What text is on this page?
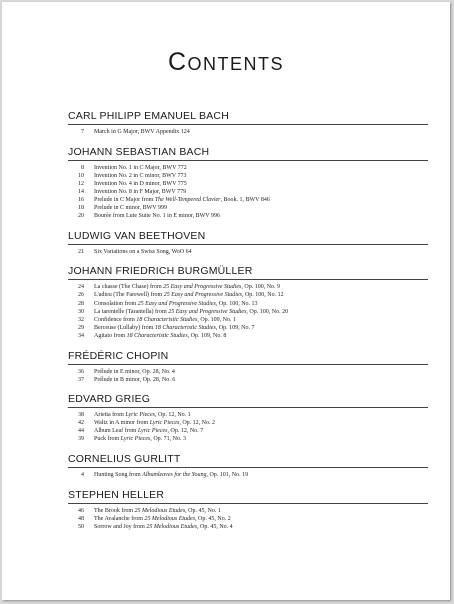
Contents
CARL PHILIPP EMANUEL BACH
7 March in G Major, BWV Appendix 124
JOHANN SEBASTIAN BACH
8 Invention No. 1 in C Major, BWV 772
10 Invention No. 2 in C minor, BWV 773
12 Invention No. 4 in D minor, BWV 775
14 Invention No. 8 in F Major, BWV 779
16 Prelude in C Major from The Well-Tempered Clavier, Book. 1, BWV 846
18 Prelude in C minor, BWV 999
20 Bourée from Lute Suite No. 1 in E minor, BWV 996
LUDWIG VAN BEETHOVEN
21 Six Variations on a Swiss Song, WoO 64
JOHANN FRIEDRICH BURGMÜLLER
24 La chasse (The Chase) from 25 Easy and Progressive Studies, Op. 100, No. 9
26 L'adieu (The Farewell) from 25 Easy and Progressive Studies, Op. 100, No. 12
28 Consolation from 25 Easy and Progressive Studies, Op. 100, No. 13
30 La tarentelle (Tarantella) from 25 Easy and Progressive Studies, Op. 100, No. 20
32 Confidence from 18 Characteristic Studies, Op. 109, No. 1
29 Berceuse (Lullaby) from 18 Characteristic Studies, Op. 109, No. 7
34 Agitato from 18 Characteristic Studies, Op. 109, No. 8
FRÉDÉRIC CHOPIN
36 Prélude in E minor, Op. 28, No. 4
37 Prélude in B minor, Op. 28, No. 6
EDVARD GRIEG
38 Arietta from Lyric Pieces, Op. 12, No. 1
42 Waltz in A minor from Lyric Pieces, Op. 12, No. 2
44 Album Leaf from Lyric Pieces, Op. 12, No. 7
39 Puck from Lyric Pieces, Op. 71, No. 3
CORNELIUS GURLITT
4 Hunting Song from Albumleaves for the Young, Op. 101, No. 19
STEPHEN HELLER
46 The Brook from 25 Melodious Etudes, Op. 45, No. 1
48 The Avalanche from 25 Melodious Etudes, Op. 45, No. 2
50 Sorrow and Joy from 25 Melodious Etudes, Op. 45, No. 4
